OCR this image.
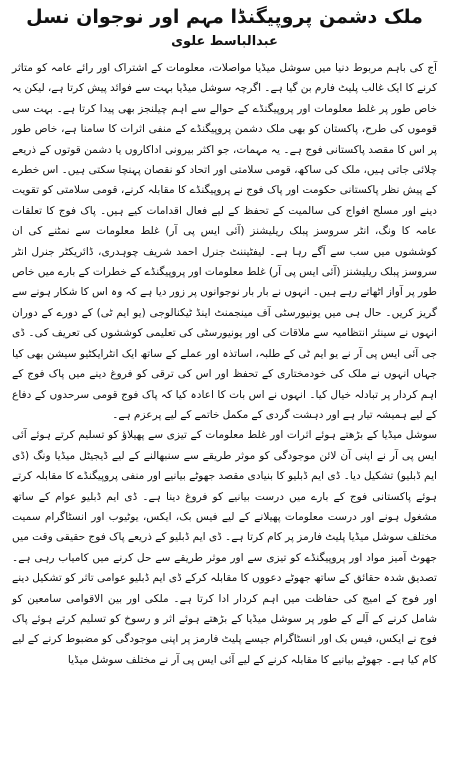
ملک دشمن پروپیگنڈا مہم اور نوجوان نسل
عبدالباسط علوی

آج کی باہم مربوط دنیا میں سوشل میڈیا مواصلات، معلومات کے اشتراک اور رائے عامہ کو متاثر کرنے کا ایک غالب پلیٹ فارم بن گیا ہے۔ اگرچہ سوشل میڈیا بہت سے فوائد پیش کرتا ہے، لیکن یہ خاص طور پر غلط معلومات اور پروپیگنڈے کے حوالے سے اہم چیلنجز بھی پیدا کرتا ہے۔ بہت سی قوموں کی طرح، پاکستان کو بھی ملک دشمن پروپیگنڈے کے منفی اثرات کا سامنا ہے، خاص طور پر اس کا مقصد پاکستانی فوج ہے۔ یہ مہمات، جو اکثر بیرونی اداکاروں یا دشمن قوتوں کے ذریعے چلائی جاتی ہیں، ملک کی ساکھ، قومی سلامتی اور اتحاد کو نقصان پہنچا سکتی ہیں۔ اس خطرے کے پیش نظر پاکستانی حکومت اور پاک فوج نے پروپیگنڈے کا مقابلہ کرنے، قومی سلامتی کو تقویت دینے اور مسلح افواج کی سالمیت کے تحفظ کے لیے فعال اقدامات کیے ہیں۔ پاک فوج کا تعلقات عامہ کا ونگ، انٹر سروسز پبلک ریلیشنز (آئی ایس پی آر) غلط معلومات سے نمٹنے کی ان کوششوں میں سب سے آگے رہا ہے۔ لیفٹیننٹ جنرل احمد شریف چوہدری، ڈائریکٹر جنرل انٹر سروسز پبلک ریلیشنز (آئی ایس پی آر) غلط معلومات اور پروپیگنڈے کے خطرات کے بارے میں خاص طور پر آواز اٹھاتے رہے ہیں۔ انہوں نے بار بار نوجوانوں پر زور دیا ہے کہ وہ اس کا شکار ہونے سے گریز کریں۔ حال ہی میں یونیورسٹی آف مینجمنٹ اینڈ ٹیکنالوجی (یو ایم ٹی) کے دورے کے دوران انہوں نے سینئر انتظامیہ سے ملاقات کی اور یونیورسٹی کی تعلیمی کوششوں کی تعریف کی۔ ڈی جی آئی ایس پی آر نے یو ایم ٹی کے طلبہ، اساتذہ اور عملے کے ساتھ ایک انٹرایکٹیو سیشن بھی کیا جہاں انہوں نے ملک کی خودمختاری کے تحفظ اور اس کی ترقی کو فروغ دینے میں پاک فوج کے اہم کردار پر تبادلہ خیال کیا۔ انہوں نے اس بات کا اعادہ کیا کہ پاک فوج قومی سرحدوں کے دفاع کے لیے ہمیشہ تیار ہے اور دہشت گردی کے مکمل خاتمے کے لیے پرعزم ہے۔

سوشل میڈیا کے بڑھتے ہوئے اثرات اور غلط معلومات کے تیزی سے پھیلاؤ کو تسلیم کرتے ہوئے آئی ایس پی آر نے اپنی آن لائن موجودگی کو موثر طریقے سے سنبھالنے کے لیے ڈیجیٹل میڈیا ونگ (ڈی ایم ڈبلیو) تشکیل دیا۔ ڈی ایم ڈبلیو کا بنیادی مقصد جھوٹے بیانیے اور منفی پروپیگنڈے کا مقابلہ کرتے ہوئے پاکستانی فوج کے بارے میں درست بیانیے کو فروغ دینا ہے۔ ڈی ایم ڈبلیو عوام کے ساتھ مشغول ہونے اور درست معلومات پھیلانے کے لیے فیس بک، ایکس، یوٹیوب اور انسٹاگرام سمیت مختلف سوشل میڈیا پلیٹ فارمز پر کام کرتا ہے۔ ڈی ایم ڈبلیو کے ذریعے پاک فوج حقیقی وقت میں جھوٹ آمیز مواد اور پروپیگنڈے کو تیزی سے اور موثر طریقے سے حل کرنے میں کامیاب رہی ہے۔ تصدیق شدہ حقائق کے ساتھ جھوٹے دعووں کا مقابلہ کرکے ڈی ایم ڈبلیو عوامی تاثر کو تشکیل دینے اور فوج کے امیج کی حفاظت میں اہم کردار ادا کرتا ہے۔ ملکی اور بین الاقوامی سامعین کو شامل کرنے کے آلے کے طور پر سوشل میڈیا کے بڑھتے ہوئے اثر و رسوخ کو تسلیم کرتے ہوئے پاک فوج نے ایکس، فیس بک اور انسٹاگرام جیسے پلیٹ فارمز پر اپنی موجودگی کو مضبوط کرنے کے لیے کام کیا ہے۔ جھوٹے بیانیے کا مقابلہ کرنے کے لیے آئی ایس پی آر نے مختلف سوشل میڈیا
